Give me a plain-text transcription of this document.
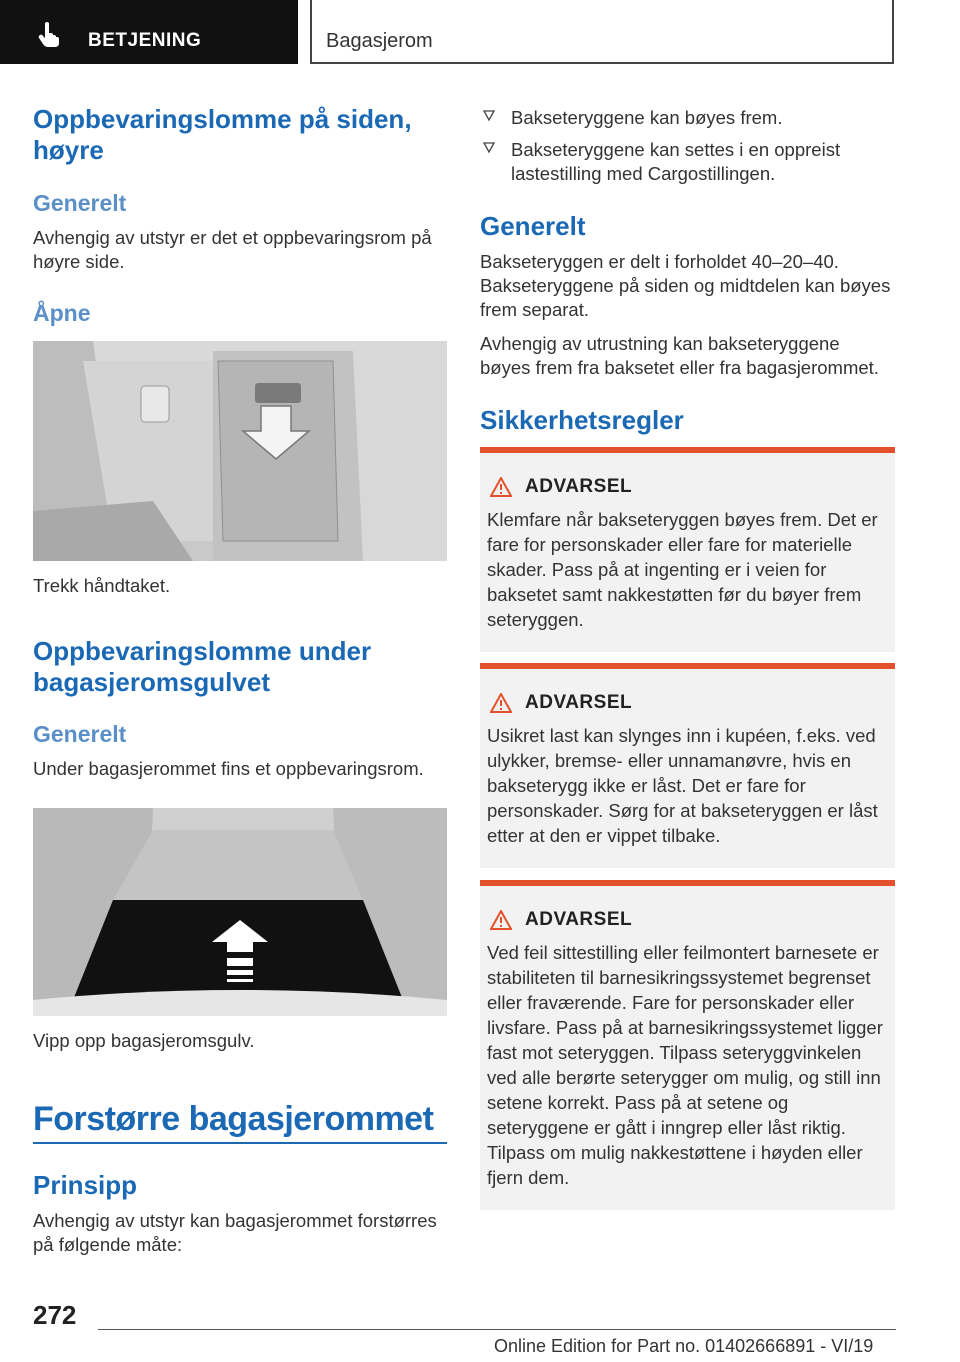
BETJENING	Bagasjerom
Oppbevaringslomme på siden, høyre
Generelt

Avhengig av utstyr er det et oppbevaringsrom på høyre side.

Åpne

Trekk håndtaket.

Oppbevaringslomme under bagasjeromsgulvet
Generelt

Under bagasjerommet fins et oppbevaringsrom.

Vipp opp bagasjeromsgulv.

Forstørre bagasjerommet
Prinsipp

Avhengig av utstyr kan bagasjerommet forstørres på følgende måte:

Bakseteryggene kan bøyes frem.
Bakseteryggene kan settes i en oppreist lastestilling med Cargostillingen.
Generelt

Bakseteryggen er delt i forholdet 40–20–40. Bakseteryggene på siden og midtdelen kan bøyes frem separat.

Avhengig av utrustning kan bakseteryggene bøyes frem fra baksetet eller fra bagasjerommet.

Sikkerhetsregler
ADVARSEL
Klemfare når bakseteryggen bøyes frem. Det er fare for personskader eller fare for materielle skader. Pass på at ingenting er i veien for baksetet samt nakkestøtten før du bøyer frem seteryggen.
ADVARSEL
Usikret last kan slynges inn i kupéen, f.eks. ved ulykker, bremse- eller unnamanøvre, hvis en bakseterygg ikke er låst. Det er fare for personskader. Sørg for at bakseteryggen er låst etter at den er vippet tilbake.
ADVARSEL
Ved feil sittestilling eller feilmontert barnesete er stabiliteten til barnesikringssystemet begrenset eller fraværende. Fare for personskader eller livsfare. Pass på at barnesikringssystemet ligger fast mot seteryggen. Tilpass seteryggvinkelen ved alle berørte seterygger om mulig, og still inn setene korrekt. Pass på at setene og seteryggene er gått i inngrep eller låst riktig. Tilpass om mulig nakkestøttene i høyden eller fjern dem.
272
Online Edition for Part no. 01402666891 - VI/19
